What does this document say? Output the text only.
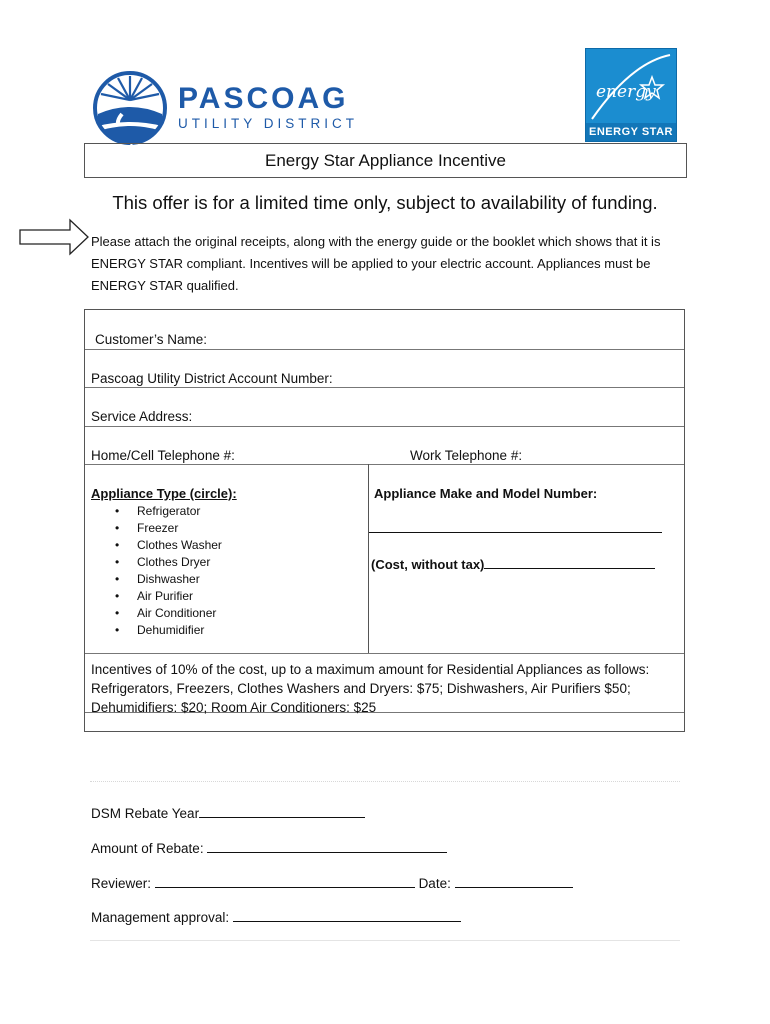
PASCOAG
UTILITY DISTRICT
energy
ENERGY STAR
Energy Star Appliance Incentive
This offer is for a limited time only, subject to availability of funding.
Please attach the original receipts, along with the energy guide or the booklet which shows that it is ENERGY STAR compliant. Incentives will be applied to your electric account. Appliances must be ENERGY STAR qualified.
Customer’s Name:
Pascoag Utility District Account Number:
Service Address:
Home/Cell Telephone #:	Work Telephone #:
Appliance Type (circle):
• Refrigerator
• Freezer
• Clothes Washer
• Clothes Dryer
• Dishwasher
• Air Purifier
• Air Conditioner
• Dehumidifier
Appliance Make and Model Number:
(Cost, without tax)
Incentives of 10% of the cost, up to a maximum amount for Residential Appliances as follows: Refrigerators, Freezers, Clothes Washers and Dryers: $75; Dishwashers, Air Purifiers $50; Dehumidifiers: $20; Room Air Conditioners: $25
DSM Rebate Year
Amount of Rebate:
Reviewer:	Date:
Management approval:
